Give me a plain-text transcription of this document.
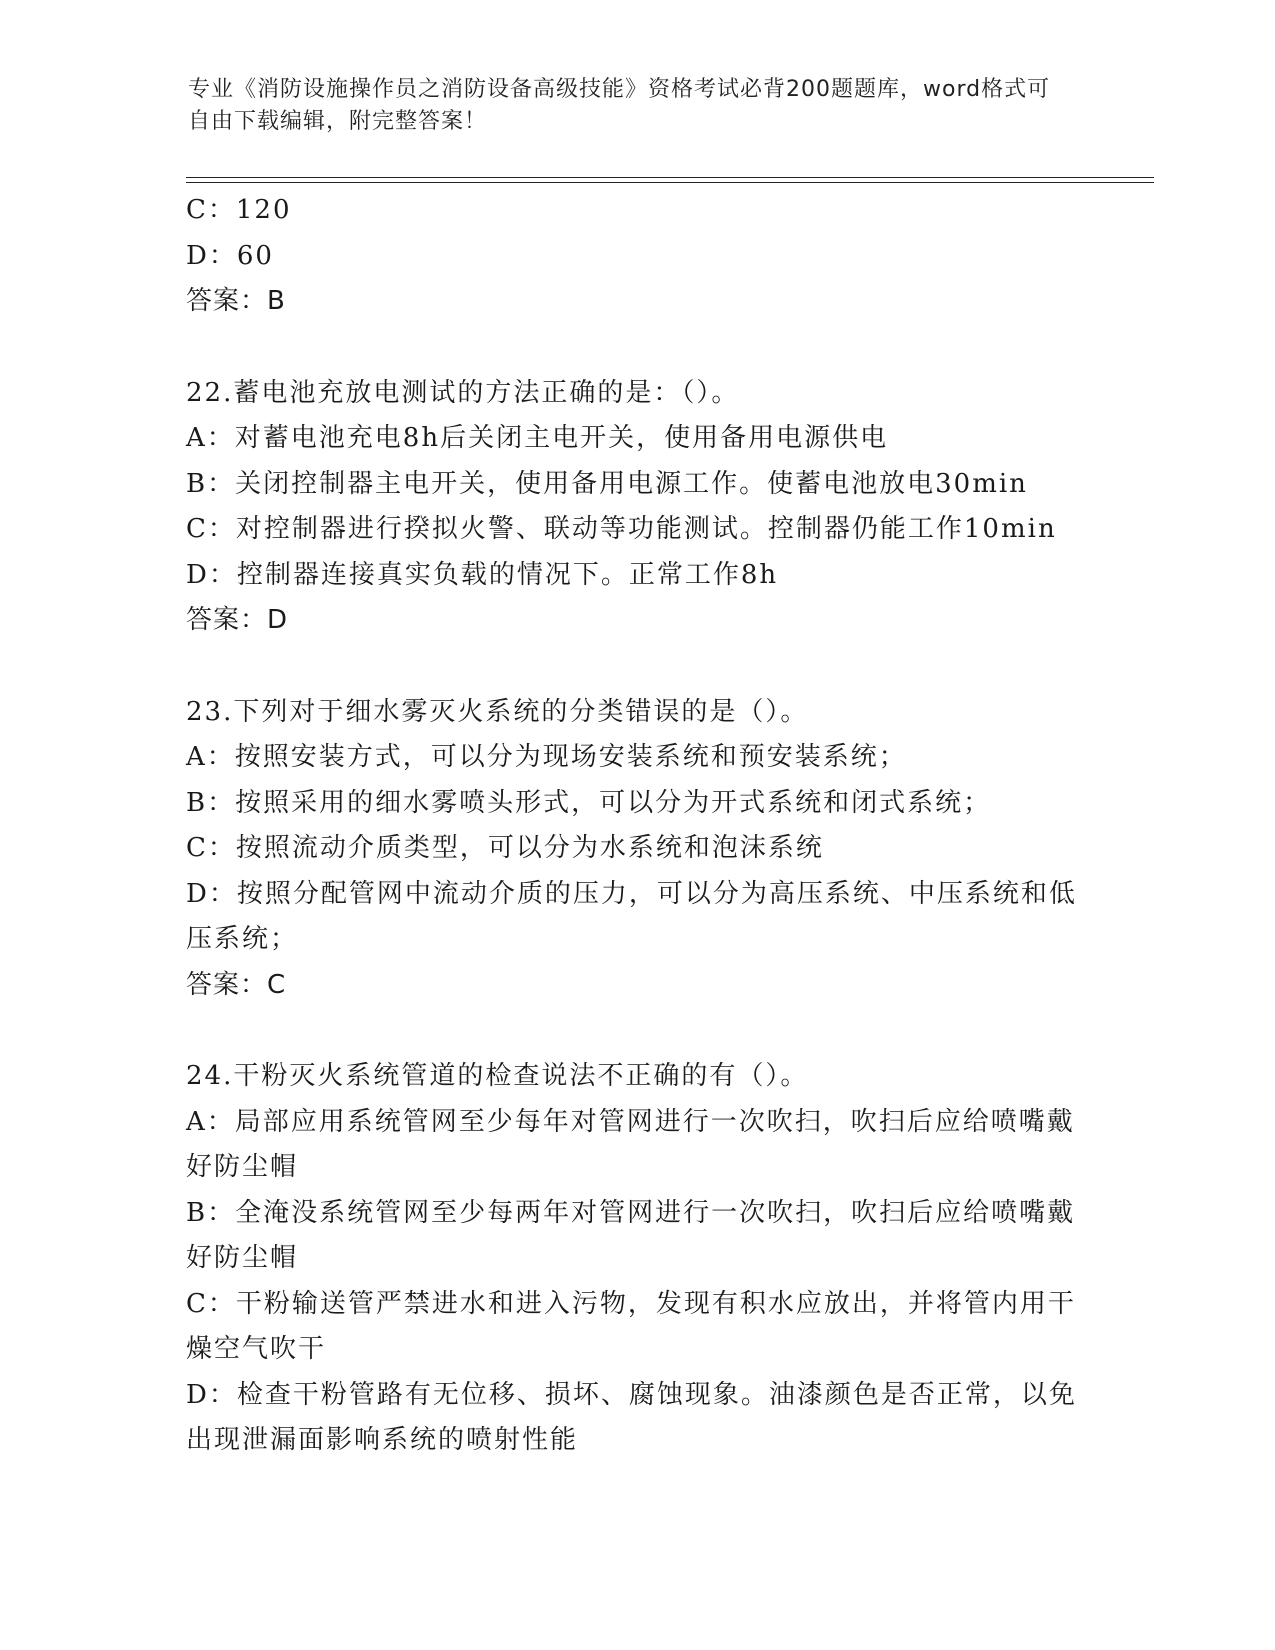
专业《消防设施操作员之消防设备高级技能》资格考试必背200题题库，word格式可自由下载编辑，附完整答案！
C：120
D：60
答案：B
22.蓄电池充放电测试的方法正确的是：（）。
A：对蓄电池充电8h后关闭主电开关，使用备用电源供电
B：关闭控制器主电开关，使用备用电源工作。使蓄电池放电30min
C：对控制器进行揆拟火警、联动等功能测试。控制器仍能工作10min
D：控制器连接真实负载的情况下。正常工作8h
答案：D
23.下列对于细水雾灭火系统的分类错误的是（）。
A：按照安装方式，可以分为现场安装系统和预安装系统；
B：按照采用的细水雾喷头形式，可以分为开式系统和闭式系统；
C：按照流动介质类型，可以分为水系统和泡沫系统
D：按照分配管网中流动介质的压力，可以分为高压系统、中压系统和低压系统；
答案：C
24.干粉灭火系统管道的检查说法不正确的有（）。
A：局部应用系统管网至少每年对管网进行一次吹扫，吹扫后应给喷嘴戴好防尘帽
B：全淹没系统管网至少每两年对管网进行一次吹扫，吹扫后应给喷嘴戴好防尘帽
C：干粉输送管严禁进水和进入污物，发现有积水应放出，并将管内用干燥空气吹干
D：检查干粉管路有无位移、损坏、腐蚀现象。油漆颜色是否正常，以免出现泄漏面影响系统的喷射性能
